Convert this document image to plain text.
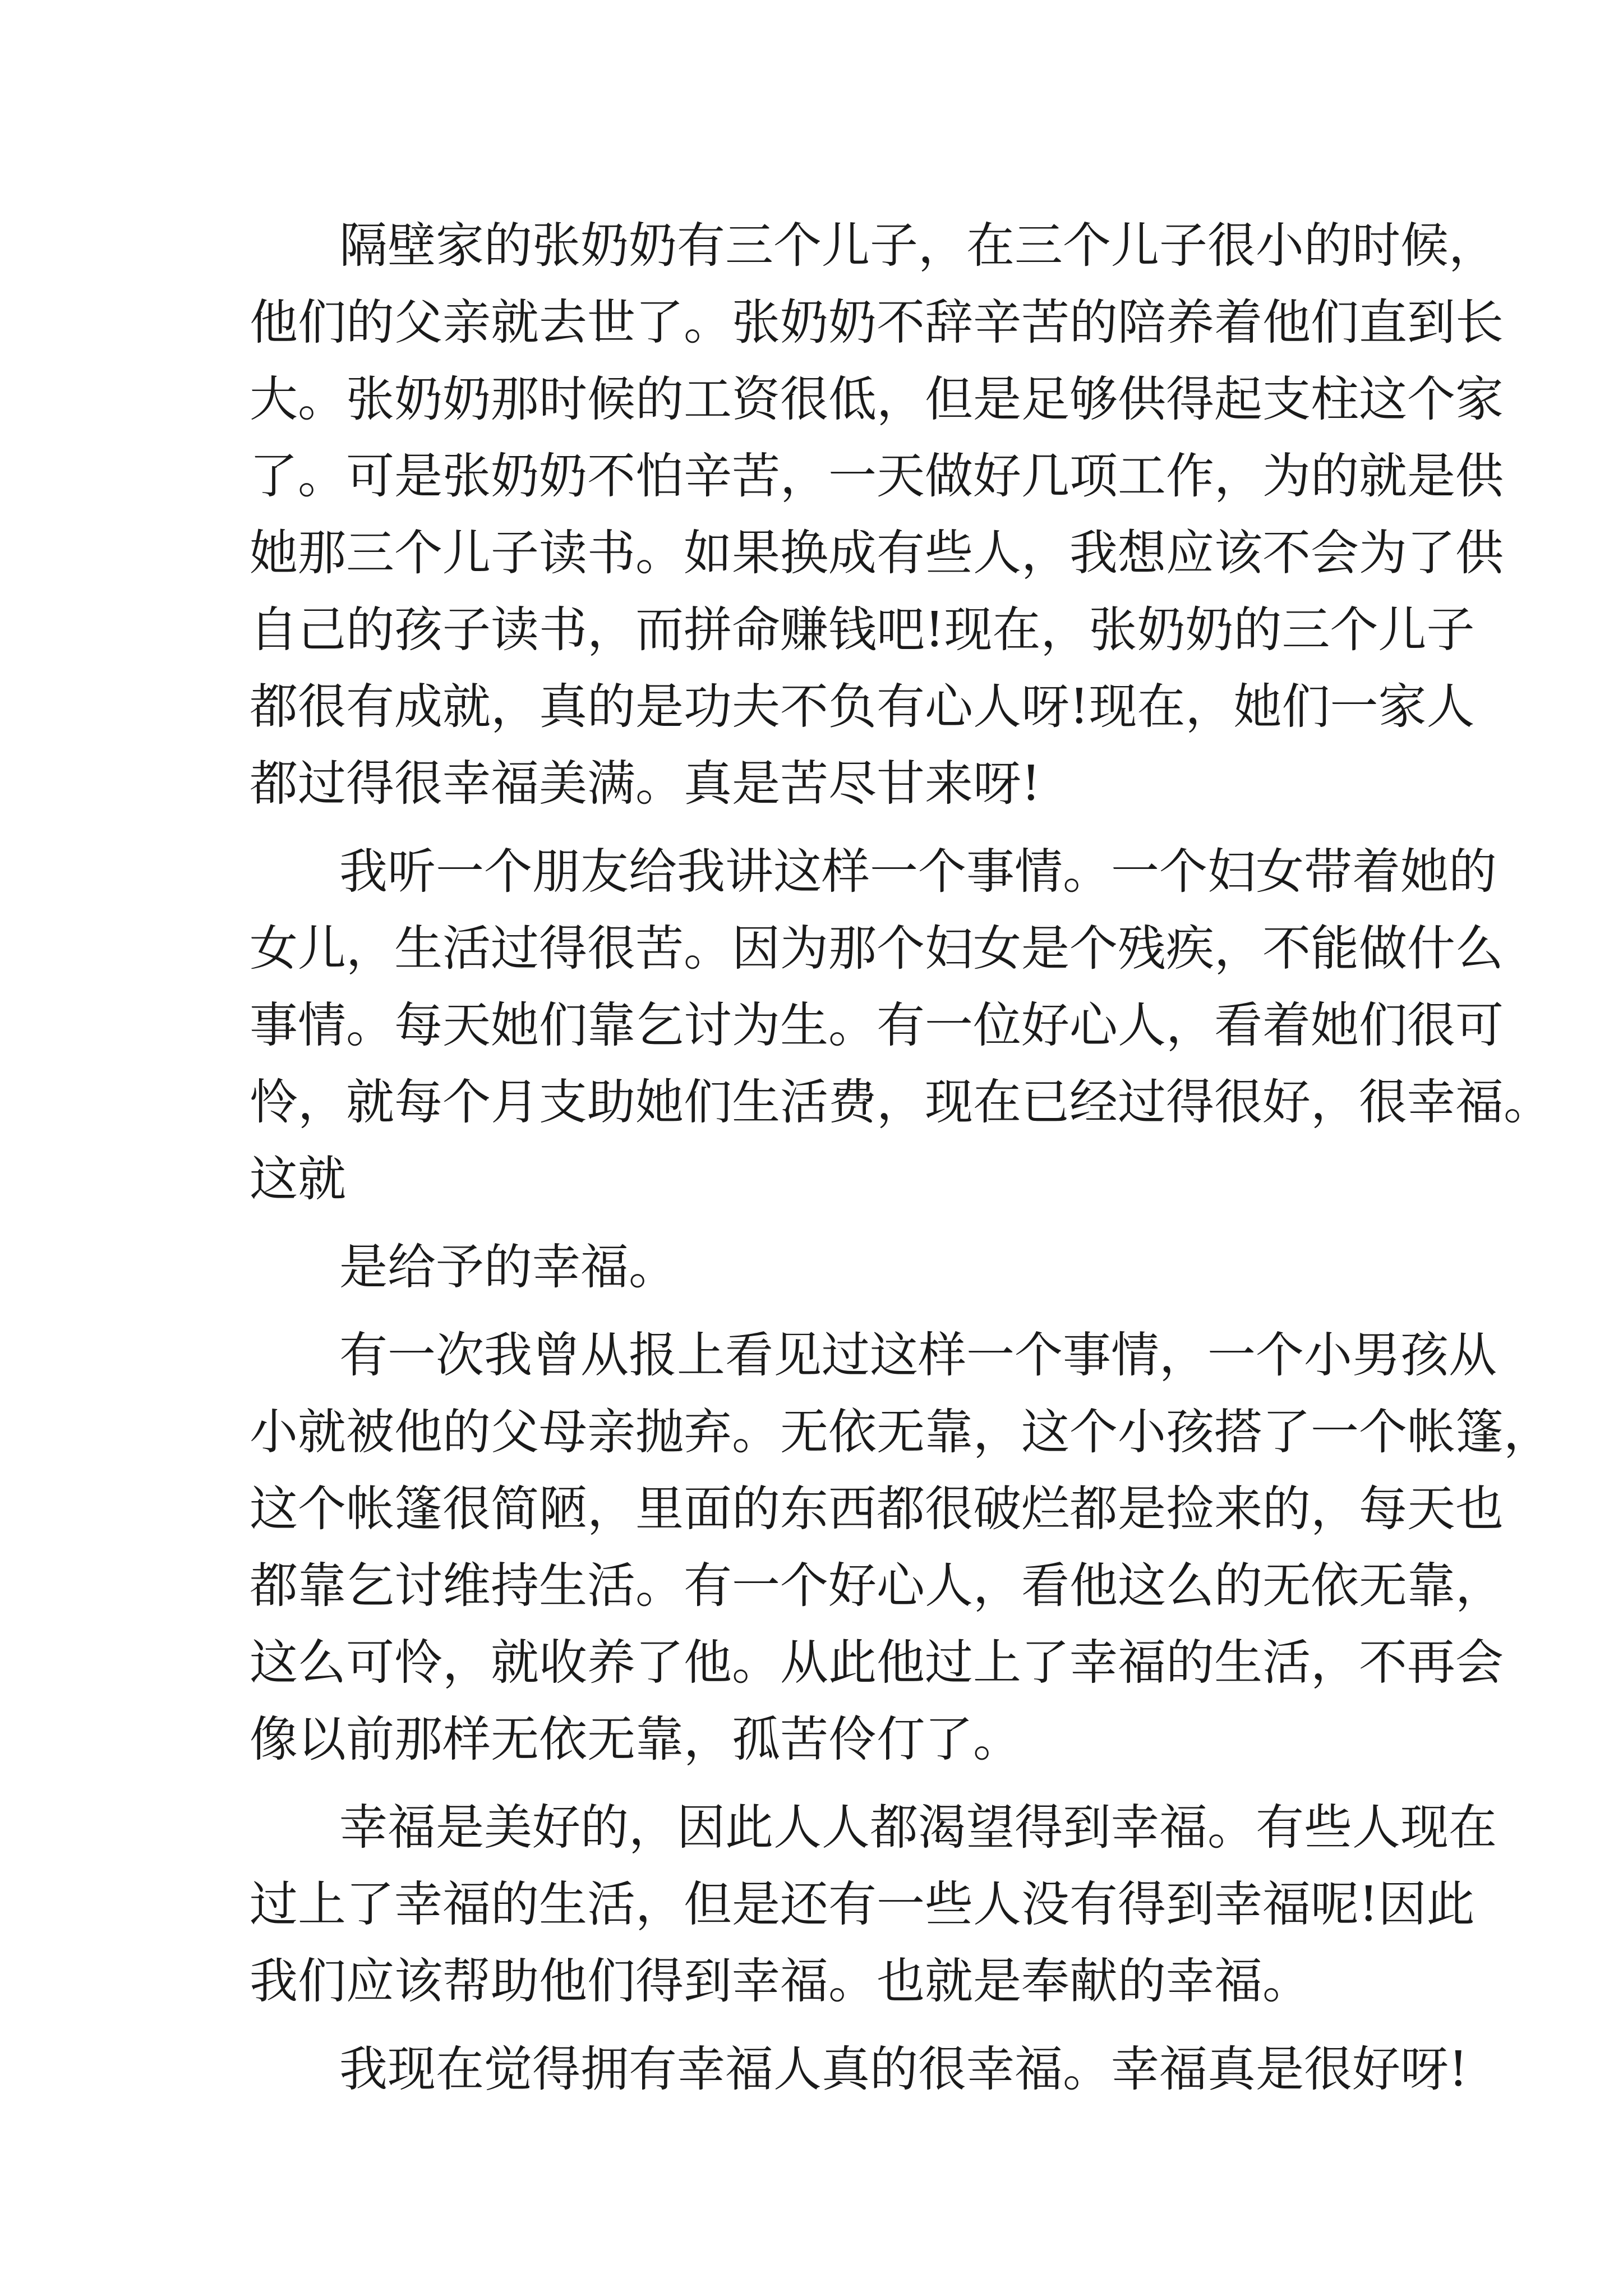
隔壁家的张奶奶有三个儿子，在三个儿子很小的时候，
他们的父亲就去世了。张奶奶不辞辛苦的陪养着他们直到长
大。张奶奶那时候的工资很低，但是足够供得起支柱这个家
了。可是张奶奶不怕辛苦，一天做好几项工作，为的就是供
她那三个儿子读书。如果换成有些人，我想应该不会为了供
自己的孩子读书，而拼命赚钱吧!现在，张奶奶的三个儿子
都很有成就，真的是功夫不负有心人呀!现在，她们一家人
都过得很幸福美满。真是苦尽甘来呀!
我听一个朋友给我讲这样一个事情。一个妇女带着她的
女儿，生活过得很苦。因为那个妇女是个残疾，不能做什么
事情。每天她们靠乞讨为生。有一位好心人，看着她们很可
怜，就每个月支助她们生活费，现在已经过得很好，很幸福。
这就
是给予的幸福。
有一次我曾从报上看见过这样一个事情，一个小男孩从
小就被他的父母亲抛弃。无依无靠，这个小孩搭了一个帐篷，
这个帐篷很简陋，里面的东西都很破烂都是捡来的，每天也
都靠乞讨维持生活。有一个好心人，看他这么的无依无靠，
这么可怜，就收养了他。从此他过上了幸福的生活，不再会
像以前那样无依无靠，孤苦伶仃了。
幸福是美好的，因此人人都渴望得到幸福。有些人现在
过上了幸福的生活，但是还有一些人没有得到幸福呢!因此
我们应该帮助他们得到幸福。也就是奉献的幸福。
我现在觉得拥有幸福人真的很幸福。幸福真是很好呀!
